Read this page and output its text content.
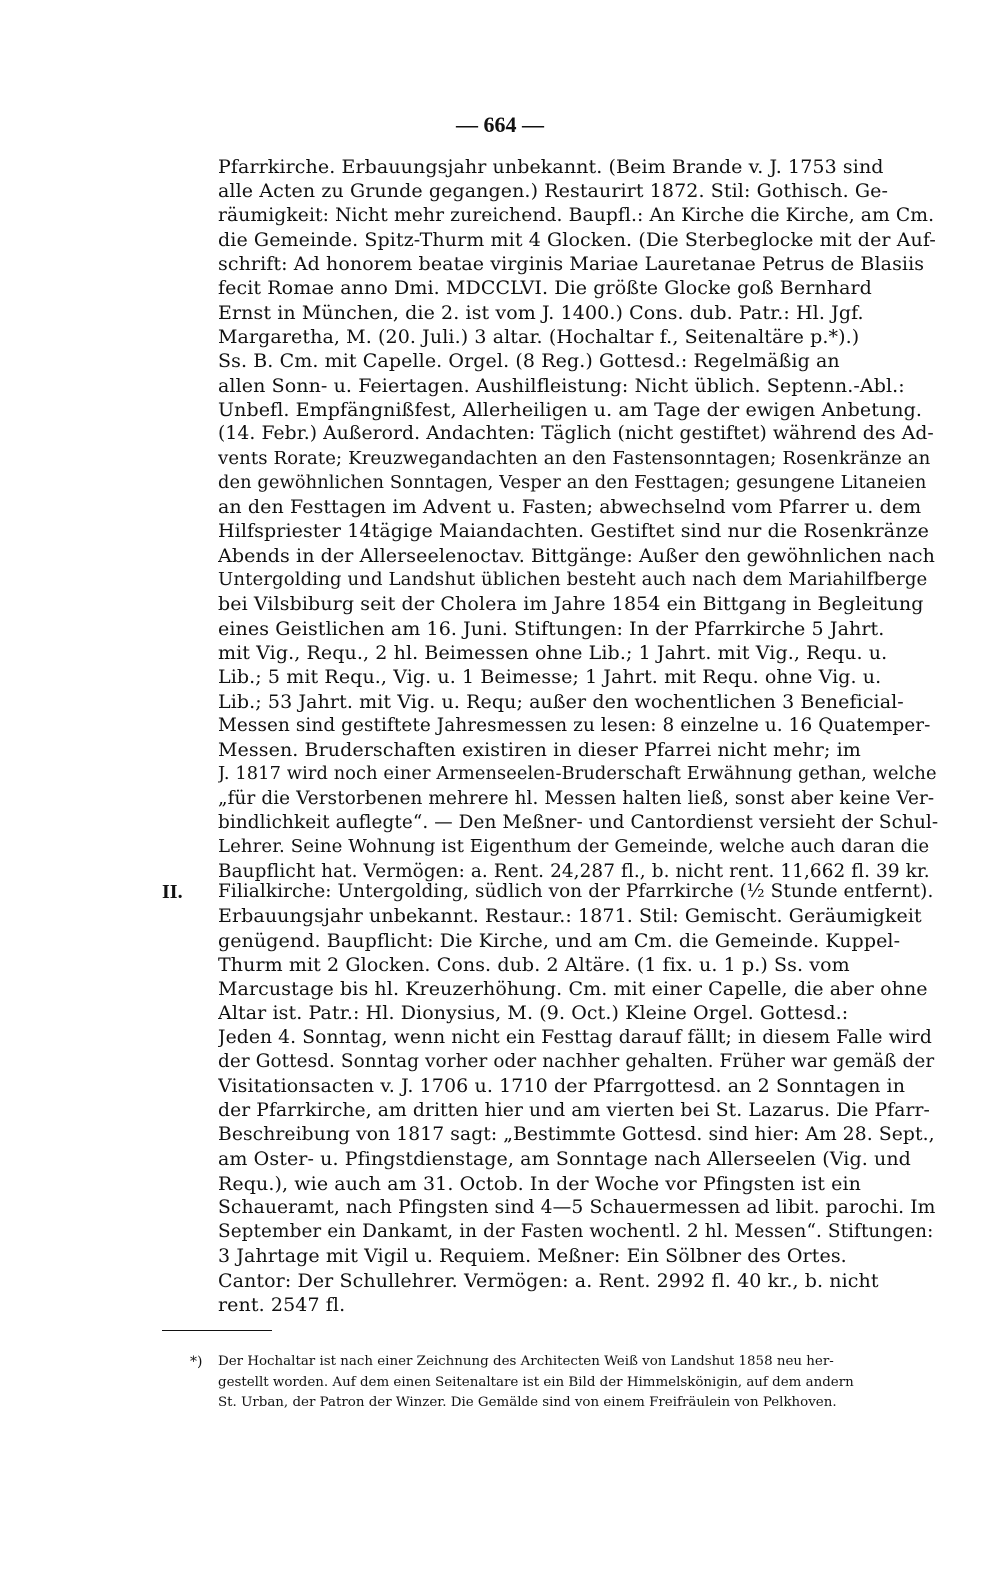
— 664 —
Pfarrkirche. Erbauungsjahr unbekannt. (Beim Brande v. J. 1753 sind
alle Acten zu Grunde gegangen.) Restaurirt 1872. Stil: Gothisch. Ge-
räumigkeit: Nicht mehr zureichend. Baupfl.: An Kirche die Kirche, am Cm.
die Gemeinde. Spitz-Thurm mit 4 Glocken. (Die Sterbeglocke mit der Auf-
schrift: Ad honorem beatae virginis Mariae Lauretanae Petrus de Blasiis
fecit Romae anno Dmi. MDCCLVI. Die größte Glocke goß Bernhard
Ernst in München, die 2. ist vom J. 1400.) Cons. dub. Patr.: Hl. Jgf.
Margaretha, M. (20. Juli.) 3 altar. (Hochaltar f., Seitenaltäre p.*).)
Ss. B. Cm. mit Capelle. Orgel. (8 Reg.) Gottesd.: Regelmäßig an
allen Sonn- u. Feiertagen. Aushilfleistung: Nicht üblich. Septenn.-Abl.:
Unbefl. Empfängnißfest, Allerheiligen u. am Tage der ewigen Anbetung.
(14. Febr.) Außerord. Andachten: Täglich (nicht gestiftet) während des Ad-
vents Rorate; Kreuzwegandachten an den Fastensonntagen; Rosenkränze an
den gewöhnlichen Sonntagen, Vesper an den Festtagen; gesungene Litaneien
an den Festtagen im Advent u. Fasten; abwechselnd vom Pfarrer u. dem
Hilfspriester 14tägige Maiandachten. Gestiftet sind nur die Rosenkränze
Abends in der Allerseelenoctav. Bittgänge: Außer den gewöhnlichen nach
Untergolding und Landshut üblichen besteht auch nach dem Mariahilfberge
bei Vilsbiburg seit der Cholera im Jahre 1854 ein Bittgang in Begleitung
eines Geistlichen am 16. Juni. Stiftungen: In der Pfarrkirche 5 Jahrt.
mit Vig., Requ., 2 hl. Beimessen ohne Lib.; 1 Jahrt. mit Vig., Requ. u.
Lib.; 5 mit Requ., Vig. u. 1 Beimesse; 1 Jahrt. mit Requ. ohne Vig. u.
Lib.; 53 Jahrt. mit Vig. u. Requ; außer den wochentlichen 3 Beneficial-
Messen sind gestiftete Jahresmessen zu lesen: 8 einzelne u. 16 Quatemper-
Messen. Bruderschaften existiren in dieser Pfarrei nicht mehr; im
J. 1817 wird noch einer Armenseelen-Bruderschaft Erwähnung gethan, welche
„für die Verstorbenen mehrere hl. Messen halten ließ, sonst aber keine Ver-
bindlichkeit auflegte“. — Den Meßner- und Cantordienst versieht der Schul-
Lehrer. Seine Wohnung ist Eigenthum der Gemeinde, welche auch daran die
Baupflicht hat. Vermögen: a. Rent. 24,287 fl., b. nicht rent. 11,662 fl. 39 kr.
II. Filialkirche: Untergolding, südlich von der Pfarrkirche (½ Stunde entfernt).
Erbauungsjahr unbekannt. Restaur.: 1871. Stil: Gemischt. Geräumigkeit
genügend. Baupflicht: Die Kirche, und am Cm. die Gemeinde. Kuppel-
Thurm mit 2 Glocken. Cons. dub. 2 Altäre. (1 fix. u. 1 p.) Ss. vom
Marcustage bis hl. Kreuzerhöhung. Cm. mit einer Capelle, die aber ohne
Altar ist. Patr.: Hl. Dionysius, M. (9. Oct.) Kleine Orgel. Gottesd.:
Jeden 4. Sonntag, wenn nicht ein Festtag darauf fällt; in diesem Falle wird
der Gottesd. Sonntag vorher oder nachher gehalten. Früher war gemäß der
Visitationsacten v. J. 1706 u. 1710 der Pfarrgottesd. an 2 Sonntagen in
der Pfarrkirche, am dritten hier und am vierten bei St. Lazarus. Die Pfarr-
Beschreibung von 1817 sagt: „Bestimmte Gottesd. sind hier: Am 28. Sept.,
am Oster- u. Pfingstdienstage, am Sonntage nach Allerseelen (Vig. und
Requ.), wie auch am 31. Octob. In der Woche vor Pfingsten ist ein
Schaueramt, nach Pfingsten sind 4—5 Schauermessen ad libit. parochi. Im
September ein Dankamt, in der Fasten wochentl. 2 hl. Messen“. Stiftungen:
3 Jahrtage mit Vigil u. Requiem. Meßner: Ein Sölbner des Ortes.
Cantor: Der Schullehrer. Vermögen: a. Rent. 2992 fl. 40 kr., b. nicht
rent. 2547 fl.
*) Der Hochaltar ist nach einer Zeichnung des Architecten Weiß von Landshut 1858 neu her-
gestellt worden. Auf dem einen Seitenaltare ist ein Bild der Himmelskönigin, auf dem andern
St. Urban, der Patron der Winzer. Die Gemälde sind von einem Freifräulein von Pelkhoven.
